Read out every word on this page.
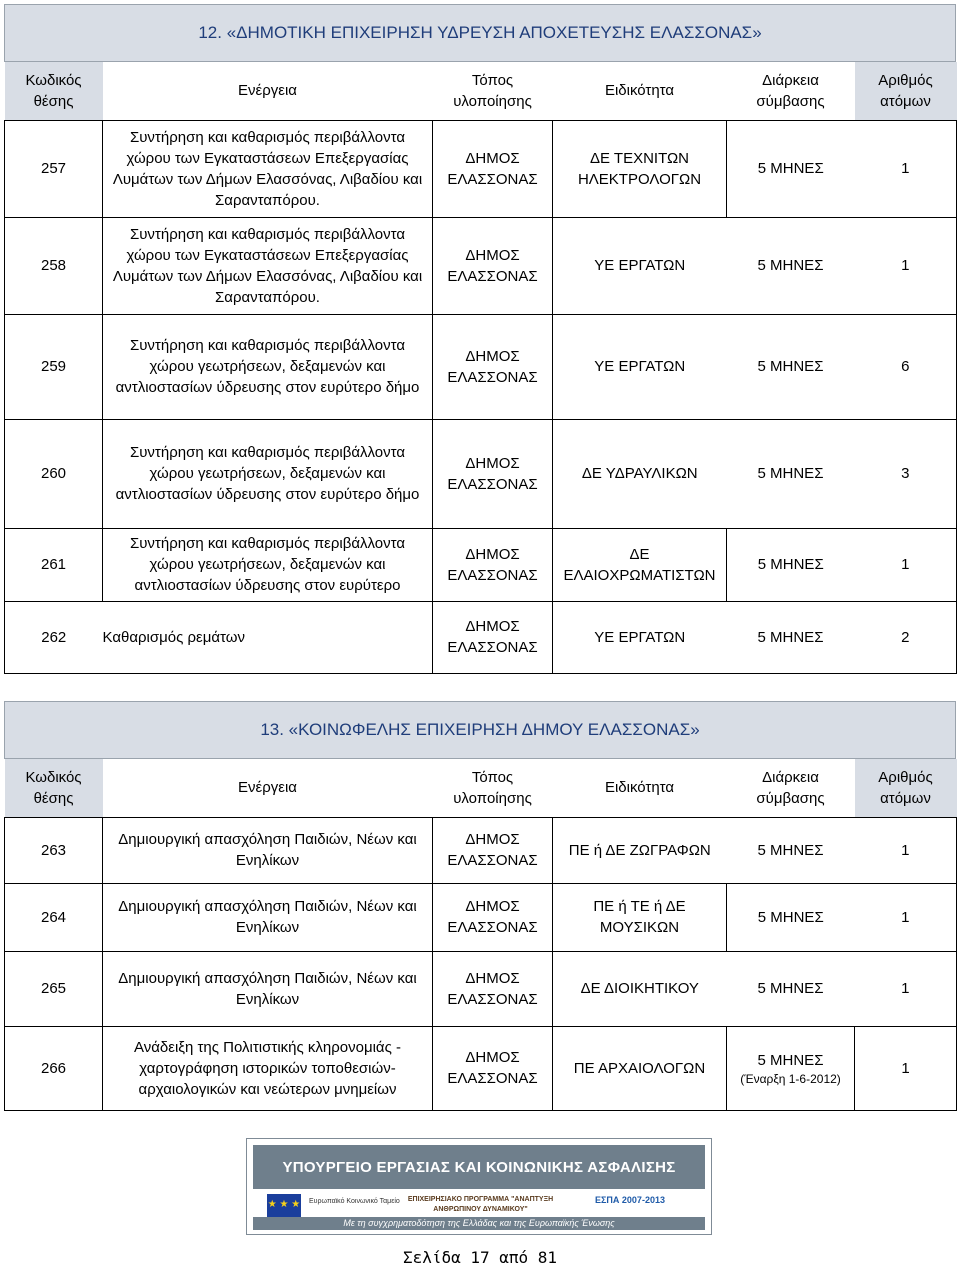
12. «ΔΗΜΟΤΙΚΗ ΕΠΙΧΕΙΡΗΣΗ ΥΔΡΕΥΣΗ ΑΠΟΧΕΤΕΥΣΗΣ ΕΛΑΣΣΟΝΑΣ»
Κωδικός θέσης	Ενέργεια	Τόπος υλοποίησης	Ειδικότητα	Διάρκεια σύμβασης	Αριθμός ατόμων
257	Συντήρηση και καθαρισμός περιβάλλοντα χώρου των Εγκαταστάσεων Επεξεργασίας Λυμάτων των Δήμων Ελασσόνας, Λιβαδίου και Σαρανταπόρου.	ΔΗΜΟΣ ΕΛΑΣΣΟΝΑΣ	ΔΕ ΤΕΧΝΙΤΩΝ ΗΛΕΚΤΡΟΛΟΓΩΝ	5 ΜΗΝΕΣ	1
258	Συντήρηση και καθαρισμός περιβάλλοντα χώρου των Εγκαταστάσεων Επεξεργασίας Λυμάτων των Δήμων Ελασσόνας, Λιβαδίου και Σαρανταπόρου.	ΔΗΜΟΣ ΕΛΑΣΣΟΝΑΣ	ΥΕ ΕΡΓΑΤΩΝ	5 ΜΗΝΕΣ	1
259	Συντήρηση και καθαρισμός περιβάλλοντα χώρου γεωτρήσεων, δεξαμενών και αντλιοστασίων ύδρευσης στον ευρύτερο δήμο	ΔΗΜΟΣ ΕΛΑΣΣΟΝΑΣ	ΥΕ ΕΡΓΑΤΩΝ	5 ΜΗΝΕΣ	6
260	Συντήρηση και καθαρισμός περιβάλλοντα χώρου γεωτρήσεων, δεξαμενών και αντλιοστασίων ύδρευσης στον ευρύτερο δήμο	ΔΗΜΟΣ ΕΛΑΣΣΟΝΑΣ	ΔΕ ΥΔΡΑΥΛΙΚΩΝ	5 ΜΗΝΕΣ	3
261	Συντήρηση και καθαρισμός περιβάλλοντα χώρου γεωτρήσεων, δεξαμενών και αντλιοστασίων ύδρευσης στον ευρύτερο	ΔΗΜΟΣ ΕΛΑΣΣΟΝΑΣ	ΔΕ ΕΛΑΙΟΧΡΩΜΑΤΙΣΤΩΝ	5 ΜΗΝΕΣ	1
262	Καθαρισμός ρεμάτων	ΔΗΜΟΣ ΕΛΑΣΣΟΝΑΣ	ΥΕ ΕΡΓΑΤΩΝ	5 ΜΗΝΕΣ	2
13. «ΚΟΙΝΩΦΕΛΗΣ ΕΠΙΧΕΙΡΗΣΗ ΔΗΜΟΥ ΕΛΑΣΣΟΝΑΣ»
Κωδικός θέσης	Ενέργεια	Τόπος υλοποίησης	Ειδικότητα	Διάρκεια σύμβασης	Αριθμός ατόμων
263	Δημιουργική απασχόληση Παιδιών, Νέων και Ενηλίκων	ΔΗΜΟΣ ΕΛΑΣΣΟΝΑΣ	ΠΕ ή ΔΕ ΖΩΓΡΑΦΩΝ	5 ΜΗΝΕΣ	1
264	Δημιουργική απασχόληση Παιδιών, Νέων και Ενηλίκων	ΔΗΜΟΣ ΕΛΑΣΣΟΝΑΣ	ΠΕ ή ΤΕ ή ΔΕ ΜΟΥΣΙΚΩΝ	5 ΜΗΝΕΣ	1
265	Δημιουργική απασχόληση Παιδιών, Νέων και Ενηλίκων	ΔΗΜΟΣ ΕΛΑΣΣΟΝΑΣ	ΔΕ ΔΙΟΙΚΗΤΙΚΟΥ	5 ΜΗΝΕΣ	1
266	Ανάδειξη της Πολιτιστικής κληρονομιάς - χαρτογράφηση ιστορικών τοποθεσιών- αρχαιολογικών και νεώτερων μνημείων	ΔΗΜΟΣ ΕΛΑΣΣΟΝΑΣ	ΠΕ ΑΡΧΑΙΟΛΟΓΩΝ	5 ΜΗΝΕΣ
(Έναρξη 1-6-2012)	1
ΥΠΟΥΡΓΕΙΟ ΕΡΓΑΣΙΑΣ ΚΑΙ ΚΟΙΝΩΝΙΚΗΣ ΑΣΦΑΛΙΣΗΣ
★ ★ ★ Ευρωπαϊκό Κοινωνικό Ταμείο	ΕΠΙΧΕΙΡΗΣΙΑΚΟ ΠΡΟΓΡΑΜΜΑ "ΑΝΑΠΤΥΞΗ ΑΝΘΡΩΠΙΝΟΥ ΔΥΝΑΜΙΚΟΥ"
ΕΣΠΑ 2007-2013
Με τη συγχρηματοδότηση της Ελλάδας και της Ευρωπαϊκής Ένωσης
Σελίδα 17 από 81
